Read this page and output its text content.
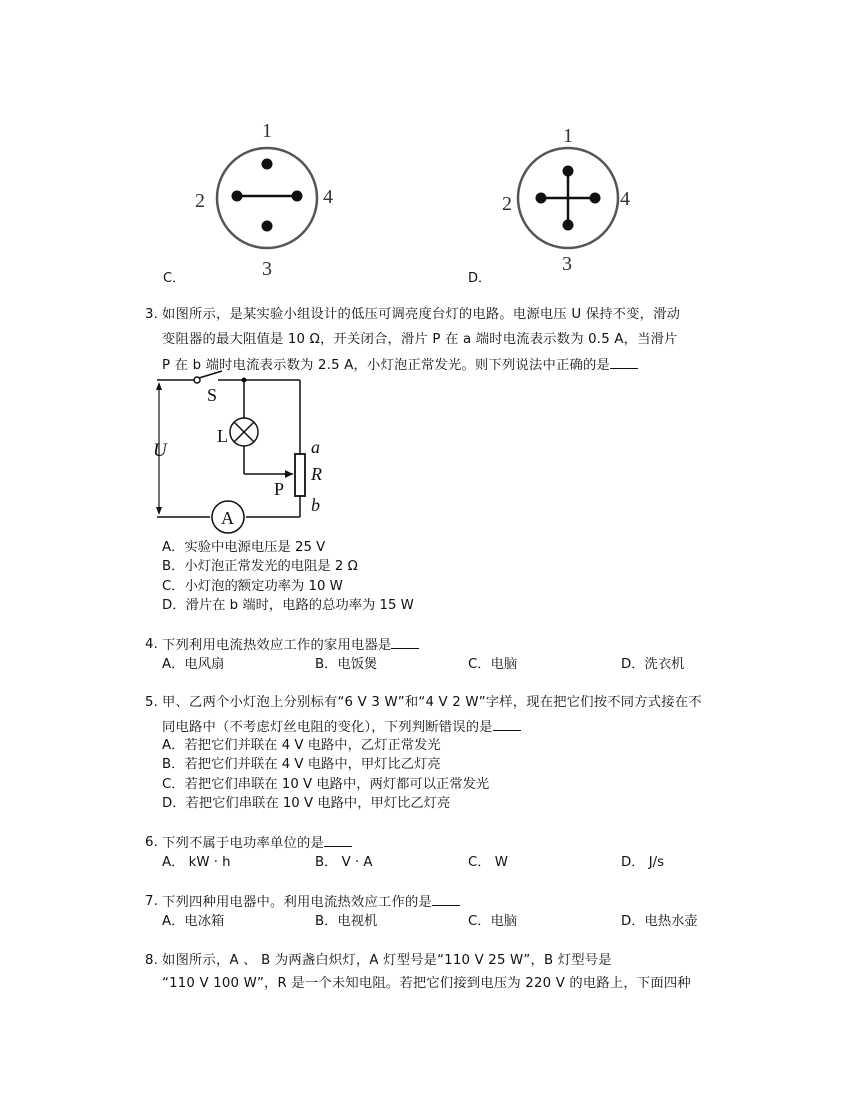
1
2
3
4
C．
1
2
3
4
D．
3. 如图所示，是某实验小组设计的低压可调亮度台灯的电路。电源电压 U 保持不变，滑动
变阻器的最大阻值是 10 Ω，开关闭合，滑片 P 在 a 端时电流表示数为 0.5 A，当滑片
P 在 b 端时电流表示数为 2.5 A，小灯泡正常发光。则下列说法中正确的是
S
L
P
a
R
b
U
A
A．实验中电源电压是 25 V
B．小灯泡正常发光的电阻是 2 Ω
C．小灯泡的额定功率为 10 W
D．滑片在 b 端时，电路的总功率为 15 W
4. 下列利用电流热效应工作的家用电器是
A．电风扇	B．电饭煲	C．电脑	D．洗衣机
5. 甲、乙两个小灯泡上分别标有“6 V 3 W”和“4 V 2 W”字样，现在把它们按不同方式接在不
同电路中（不考虑灯丝电阻的变化），下列判断错误的是
A．若把它们并联在 4 V 电路中，乙灯正常发光
B．若把它们并联在 4 V 电路中，甲灯比乙灯亮
C．若把它们串联在 10 V 电路中，两灯都可以正常发光
D．若把它们串联在 10 V 电路中，甲灯比乙灯亮
6. 下列不属于电功率单位的是
A． kW · h	B． V · A	C． W	D． J/s
7. 下列四种用电器中。利用电流热效应工作的是
A．电冰箱	B．电视机	C．电脑	D．电热水壶
8. 如图所示，A 、 B 为两盏白炽灯，A 灯型号是“110 V 25 W”，B 灯型号是
“110 V 100 W”，R 是一个未知电阻。若把它们接到电压为 220 V 的电路上，下面四种
